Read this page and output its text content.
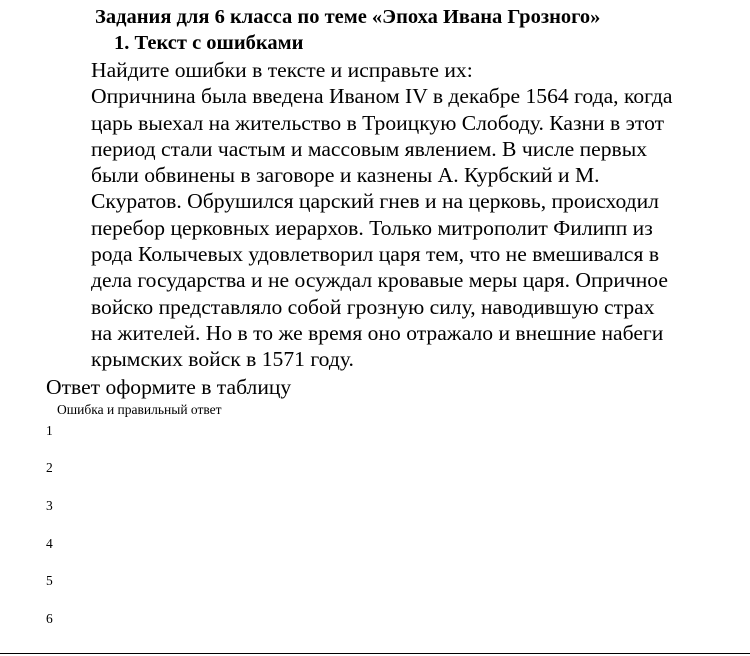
Задания для 6 класса по теме «Эпоха Ивана Грозного»
1. Текст с ошибками
Найдите ошибки в тексте и исправьте их:
Опричнина была введена Иваном IV в декабре 1564 года, когда
царь выехал на жительство в Троицкую Слободу. Казни в этот
период стали частым и массовым явлением. В числе первых
были обвинены в заговоре и казнены А. Курбский и М.
Скуратов. Обрушился царский гнев и на церковь, происходил
перебор церковных иерархов. Только митрополит Филипп из
рода Колычевых удовлетворил царя тем, что не вмешивался в
дела государства и не осуждал кровавые меры царя. Опричное
войско представляло собой грозную силу, наводившую страх
на жителей. Но в то же время оно отражало и внешние набеги
крымских войск в 1571 году.
Ответ оформите в таблицу
Ошибка и правильный ответ
1
2
3
4
5
6
